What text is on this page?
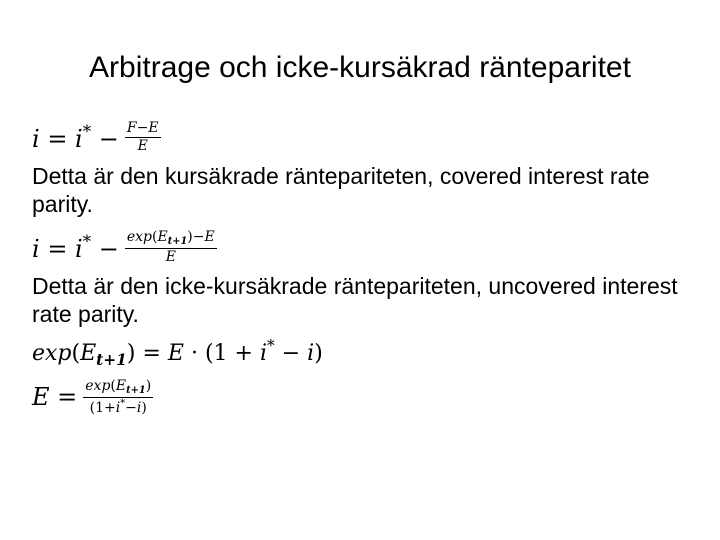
Arbitrage och icke-kursäkrad ränteparitet
$i = i^* - \frac{F-E}{E}$
Detta är den kursäkrade räntepariteten, covered interest rate parity.
$i = i^* - \frac{\exp(E_{t+1})-E}{E}$
Detta är den icke-kursäkrade räntepariteten, uncovered interest rate parity.
$\exp(E_{t+1}) = E \cdot (1 + i^* - i)$
$E = \frac{\exp(E_{t+1})}{(1+i^*-i)}$
